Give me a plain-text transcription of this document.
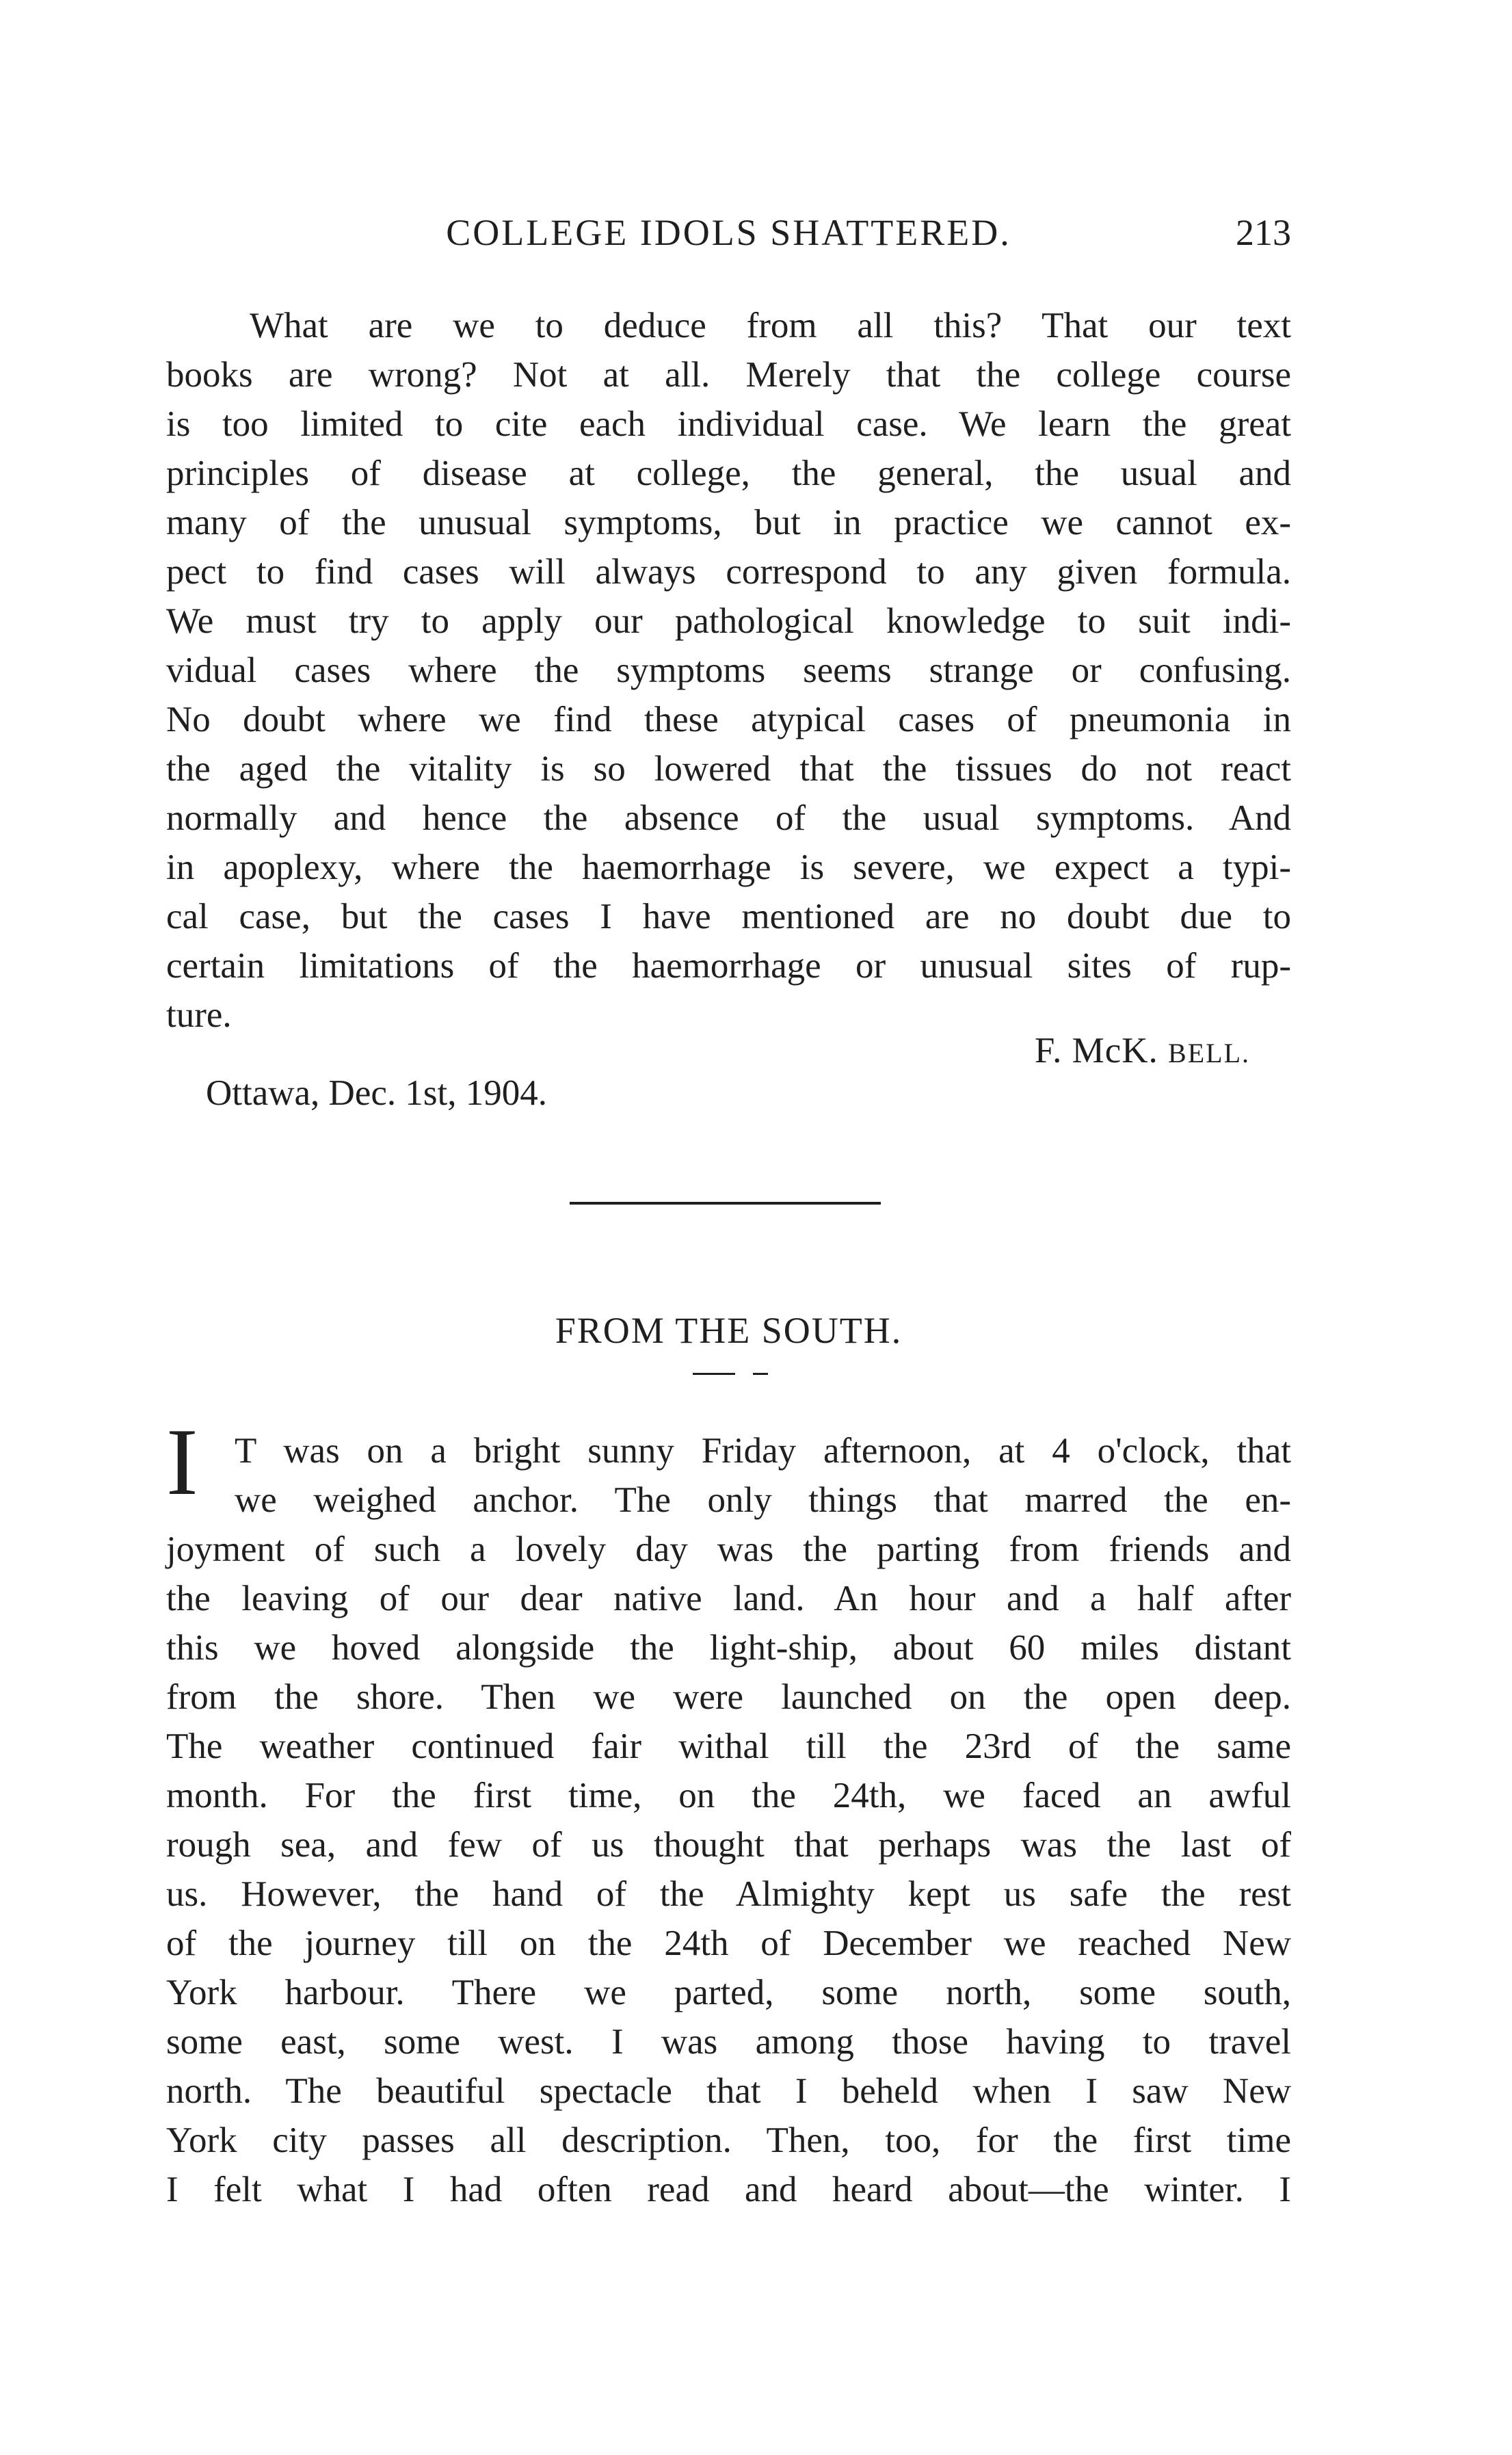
COLLEGE IDOLS SHATTERED.	213
What are we to deduce from all this? That our text
books are wrong? Not at all. Merely that the college course
is too limited to cite each individual case. We learn the great
principles of disease at college, the general, the usual and
many of the unusual symptoms, but in practice we cannot ex-
pect to find cases will always correspond to any given formula.
We must try to apply our pathological knowledge to suit indi-
vidual cases where the symptoms seems strange or confusing.
No doubt where we find these atypical cases of pneumonia in
the aged the vitality is so lowered that the tissues do not react
normally and hence the absence of the usual symptoms. And
in apoplexy, where the haemorrhage is severe, we expect a typi-
cal case, but the cases I have mentioned are no doubt due to
certain limitations of the haemorrhage or unusual sites of rup-
ture.
F. McK. BELL.
Ottawa, Dec. 1st, 1904.
FROM THE SOUTH.
I T was on a bright sunny Friday afternoon, at 4 o'clock, that
we weighed anchor. The only things that marred the en-
joyment of such a lovely day was the parting from friends and
the leaving of our dear native land. An hour and a half after
this we hoved alongside the light-ship, about 60 miles distant
from the shore. Then we were launched on the open deep.
The weather continued fair withal till the 23rd of the same
month. For the first time, on the 24th, we faced an awful
rough sea, and few of us thought that perhaps was the last of
us. However, the hand of the Almighty kept us safe the rest
of the journey till on the 24th of December we reached New
York harbour. There we parted, some north, some south,
some east, some west. I was among those having to travel
north. The beautiful spectacle that I beheld when I saw New
York city passes all description. Then, too, for the first time
I felt what I had often read and heard about—the winter. I
